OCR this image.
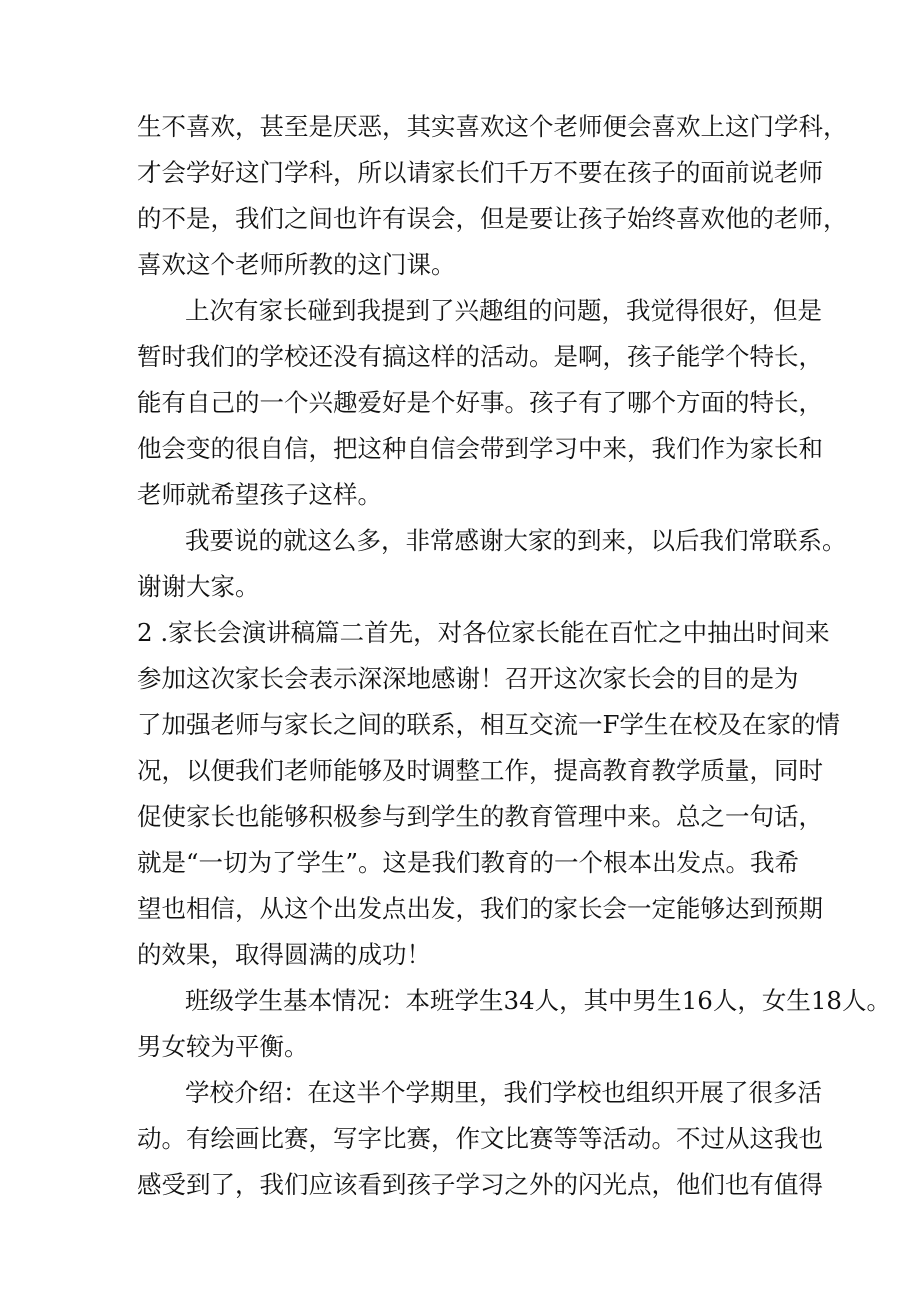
生不喜欢，甚至是厌恶，其实喜欢这个老师便会喜欢上这门学科，
才会学好这门学科，所以请家长们千万不要在孩子的面前说老师
的不是，我们之间也许有误会，但是要让孩子始终喜欢他的老师，
喜欢这个老师所教的这门课。
上次有家长碰到我提到了兴趣组的问题，我觉得很好，但是
暂时我们的学校还没有搞这样的活动。是啊，孩子能学个特长，
能有自己的一个兴趣爱好是个好事。孩子有了哪个方面的特长，
他会变的很自信，把这种自信会带到学习中来，我们作为家长和
老师就希望孩子这样。
我要说的就这么多，非常感谢大家的到来，以后我们常联系。
谢谢大家。
2 .家长会演讲稿篇二首先，对各位家长能在百忙之中抽出时间来
参加这次家长会表示深深地感谢！召开这次家长会的目的是为
了加强老师与家长之间的联系，相互交流一F学生在校及在家的情
况，以便我们老师能够及时调整工作，提高教育教学质量，同时
促使家长也能够积极参与到学生的教育管理中来。总之一句话，
就是“一切为了学生”。这是我们教育的一个根本出发点。我希
望也相信，从这个出发点出发，我们的家长会一定能够达到预期
的效果，取得圆满的成功！
班级学生基本情况：本班学生34人，其中男生16人，女生18人。
男女较为平衡。
学校介绍：在这半个学期里，我们学校也组织开展了很多活
动。有绘画比赛，写字比赛，作文比赛等等活动。不过从这我也
感受到了，我们应该看到孩子学习之外的闪光点，他们也有值得
